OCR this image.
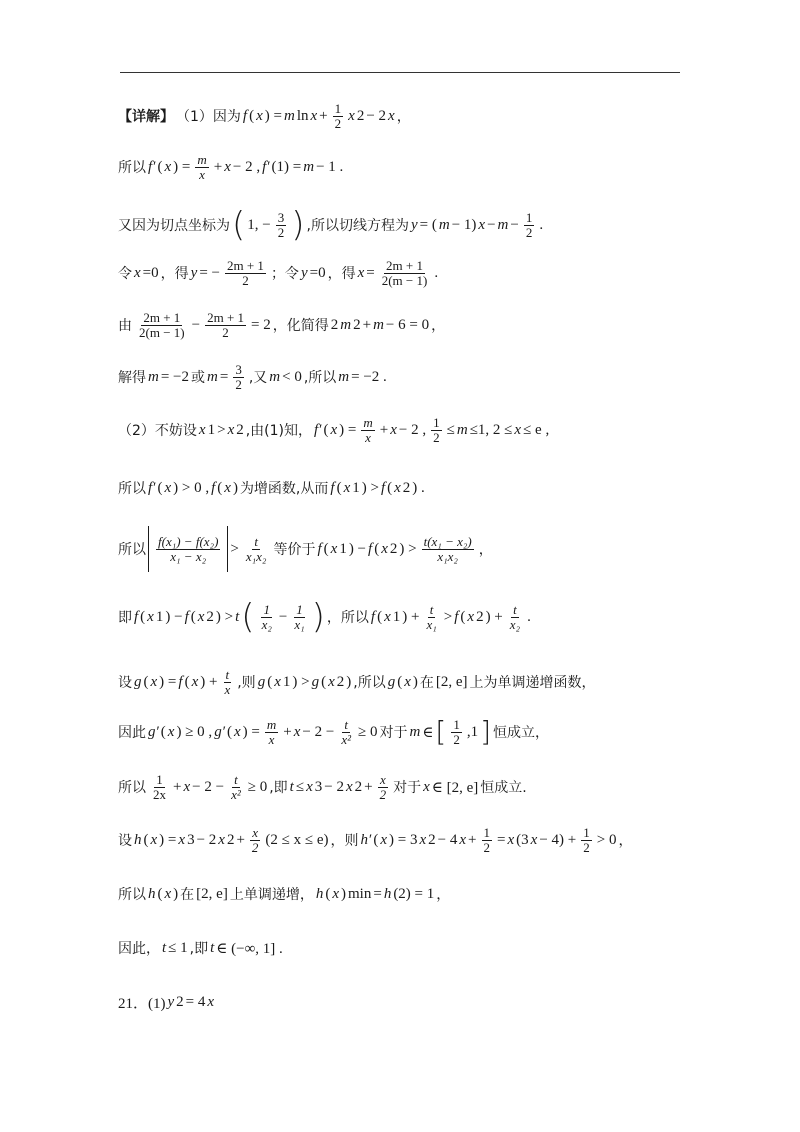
【详解】 （1）因为 f ( x ) = m $\ln x + \frac{1}{2}$ x 2 − 2 x ，
所以 f′ ( x ) = $\frac{m}{x} + x - 2$ , f′ (1) = m − 1 .
又因为切点坐标为 ( 1, − $\frac{3}{2}$ ) ,所以切线方程为 y = ( m − 1) $x - m - \frac{1}{2}$ .
令 x =0 ，得 y = − $\frac{2m + 1}{2}$ ；令 y =0 ，得 $x = \frac{2m + 1}{2(m - 1)}$ .
由 $\frac{2m + 1}{2(m - 1)} - \frac{2m + 1}{2} = 2$ ，化简得 2 m 2 + m − 6 = 0 ，
解得 m = −2 或 $m = \frac{3}{2}$ ,又 m < 0 ,所以 m = −2 .
（2）不妨设 x 1 > x 2 ,由(1)知， f′ ( x ) = $\frac{m}{x} + x - 2$ , $\frac{1}{2} \le m \le 1$, 2 ≤ x ≤ e ,
所以 f′ ( x ) > 0 , f ( x ) 为增函数,从而 f ( x 1 ) > f ( x 2 ) .
所以 $\frac{\text{f(x₁) − f(x₂)}}{\text{x₁ − x₂}} > \frac{t}{\text{x₁x₂}}$ 等价于 f ( x 1 ) − f ( x 2 ) > $\frac{\text{t(x₁ − x₂)}}{\text{x₁x₂}}$ ，
即 f ( x 1 ) − f ( x 2 ) > t ( $\frac{1}{\text{x₂}} - \frac{1}{\text{x₁}}$ ) ，所以 f ( x 1 ) + $\frac{t}{\text{x₁}} > f$ ( x 2 ) + $\frac{t}{\text{x₂}}$ .
设 g ( x ) = f ( x ) + $\frac{t}{x}$ ,则 g ( x 1 ) > g ( x 2 ) ,所以 g ( x ) 在 [2, e] 上为单调递增函数，
因此 g′ ( x ) ≥ 0 , g′ ( x ) = $\frac{m}{x} + x - 2 - \frac{t}{\text{x²}} \ge 0$ 对于 m ∈ [ $\frac{1}{2} ,1$ ] 恒成立，
所以 $\frac{1}{2x} + x - 2 - \frac{t}{\text{x²}} \ge 0$ ,即 t ≤ x 3 − 2 x $2 + \frac{x}{2}$ 对于 x ∈ [2, e] 恒成立.
设 h ( x ) = x 3 − 2 x $2 + \frac{x}{2} (2 \le x \le e)$ ，则 h′ ( x ) = 3 x 2 − 4 $x + \frac{1}{2} = x$ (3 $x - 4) + \frac{1}{2} > 0$ ，
所以 h ( x ) 在 [2, e] 上单调递增， h ( x ) min = h (2) = 1 ，
因此， t ≤ 1 ,即 t ∈ (−∞, 1] .
21．(1) y 2 = 4 x
